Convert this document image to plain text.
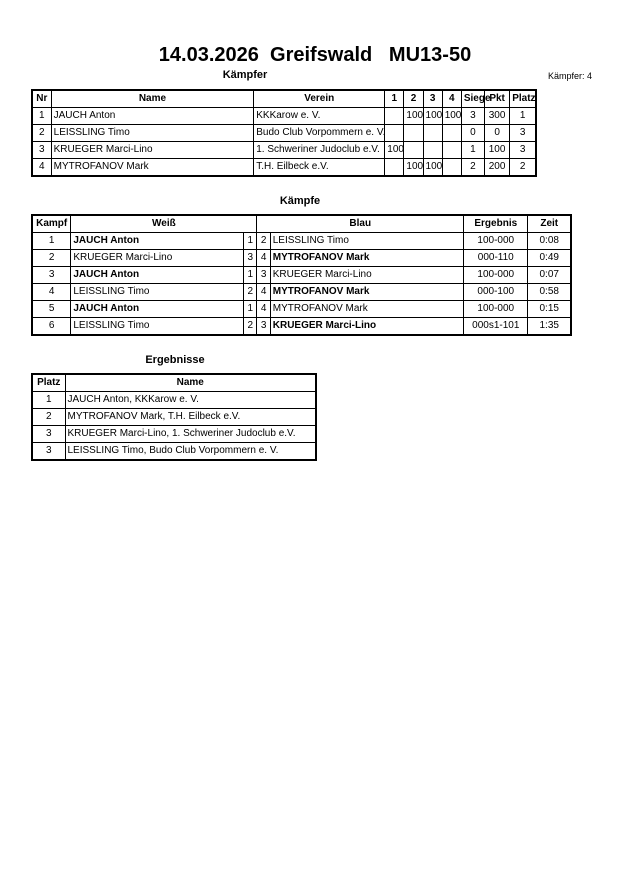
14.03.2026  Greifswald   MU13-50
Kämpfer	Kämpfer: 4
Nr	Name	Verein	1	2	3	4	Siege	Pkt	Platz
1	JAUCH Anton	KKKarow e. V.		100	100	100	3	300	1
2	LEISSLING Timo	Budo Club Vorpommern e. V.					0	0	3
3	KRUEGER Marci-Lino	1. Schweriner Judoclub e.V.	100				1	100	3
4	MYTROFANOV Mark	T.H. Eilbeck e.V.		100	100		2	200	2
Kämpfe
Kampf	Weiß		Blau		Ergebnis	Zeit
1	JAUCH Anton	1	2	LEISSLING Timo	100-000	0:08
2	KRUEGER Marci-Lino	3	4	MYTROFANOV Mark	000-110	0:49
3	JAUCH Anton	1	3	KRUEGER Marci-Lino	100-000	0:07
4	LEISSLING Timo	2	4	MYTROFANOV Mark	000-100	0:58
5	JAUCH Anton	1	4	MYTROFANOV Mark	100-000	0:15
6	LEISSLING Timo	2	3	KRUEGER Marci-Lino	000s1-101	1:35
Ergebnisse
Platz	Name
1	JAUCH Anton, KKKarow e. V.
2	MYTROFANOV Mark, T.H. Eilbeck e.V.
3	KRUEGER Marci-Lino, 1. Schweriner Judoclub e.V.
3	LEISSLING Timo, Budo Club Vorpommern e. V.
